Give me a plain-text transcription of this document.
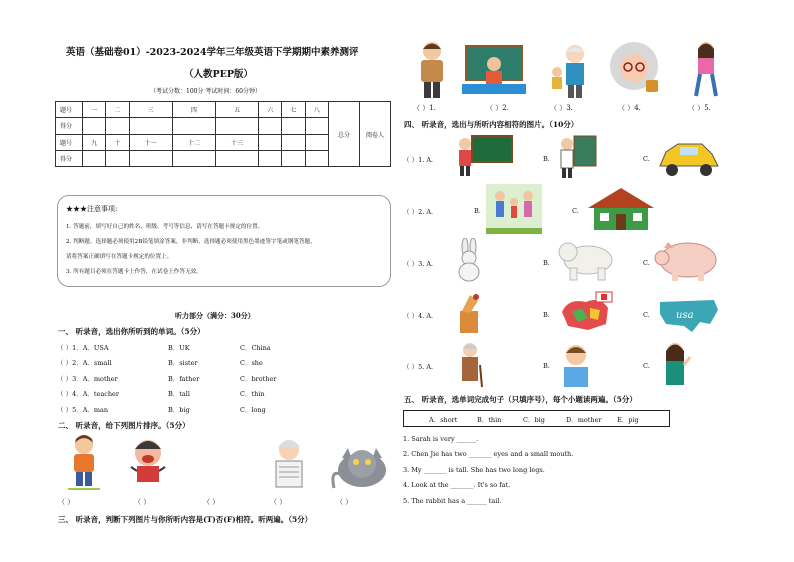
英语（基础卷01）-2023-2024学年三年级英语下学期期中素养测评
（人教PEP版）
（考试分数：100分 考试时间：60分钟）
题号	一	二	三	四	五	六	七	八	总分	阅卷人
得分										
题号	九	十	十一	十二	十三					
得分										
★★★注意事项:
1. 答题前，填写好自己的姓名、班级、考号等信息，请写在答题卡规定的位置。
2. 判断题、选择题必须使用2B铅笔填涂答案，非判断、选择题必须使用黑色墨迹签字笔或钢笔答题，
请将答案正确填写在答题卡规定的位置上。
3. 所有题目必须在答题卡上作答，在试卷上作答无效。
听力部分（满分：30分）
一、 听录音，选出你所听到的单词。（5分）
（ ）1．A．USA	B．UK	C．China
（ ）2．A．small	B．sister	C．she
（ ）3．A．mother	B．father	C．brother
（ ）4．A．teacher	B．tall	C．thin
（ ）5．A．man	B．big	C．long
二、 听录音，给下列图片排序。（5分）
（ ）	（ ）	（ ）	（ ）	（ ）
三、 听录音，判断下列图片与你所听内容是(T)否(F)相符。听两遍。（5分）
（ ）1.	（ ）2.	（ ）3.	（ ）4.	（ ）5.
四、 听录音，选出与所听内容相符的图片。（10分）
（ ）1. A.	B.	C.
（ ）2. A.	B.	C.
（ ）3. A.	B.	C.
（ ）4. A.	B.	C.	usa
（ ）5. A.	B.	C.
五、 听录音，选单词完成句子（只填序号），每个小题读两遍。（5分）
A．short	B．thin	C．big	D．mother E．pig
1. Sarah is very ______.
2. Chen Jie has two _______ eyes and a small mouth.
3. My _______ is tall. She has two long legs.
4. Look at the _______. It's so fat.
5. The rabbit has a ______ tail.
